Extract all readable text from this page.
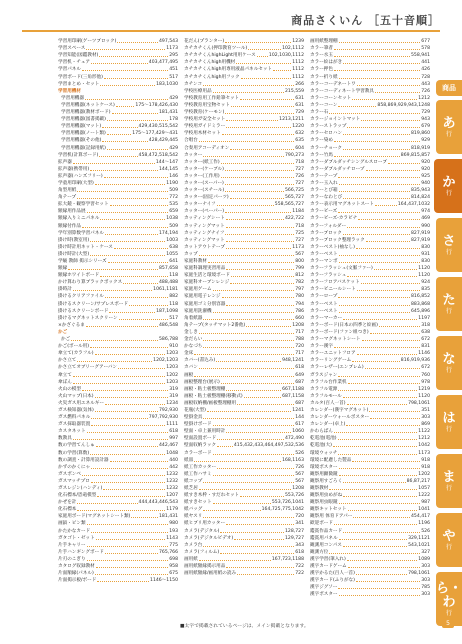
商品さくいん ［五十音順］
学習用印刷(ゲーツブロック)	497,543
学習スペース	1173
学習知能(図鑑教材)	295
学習机・チェア	403,477,495
学習パネル	451
学習ボード(三角形他)	517
学習まとめ・セット	183,1030
学習用機材
学習用機器	429
学習用機器(ネットケース)	175〜178,426,430
学習用機器(教材ボード)	181,431
学習用機器(図書掲載)	178
学習用機器(マット)	429,430,515,542
学習用機器(ノート類)	175〜177,429〜431
学習用機器(その他)	428,429,445
学習用機器(記録用紙)	429
学習机(計算ボード)	458,472,518,542
拡声器	144〜147
拡声器(携帯用)	144,145
拡声器(ハンズフリー)	146
学童用印刷(大型)	1190
角型用紙	509
角テープ	772
拡大鏡・観察学習セット	535
額縁用作品展	659
額縁入りミニパネル	1038
額縁付作品	509
学年別算数学習パネル	174,194
掛け時(教室用)	1003
掛け時計用ネット・ケース	638
掛け時計(大型)	1055
学級 教師 掲示シリーズ	641
額縁	857,658
額縁ホワイトボード	118
かけ算わり算ブラックボックス	488,488
掛時計	1061,1181
掛けるクリアファイル	882
掛けるスクリーン/サプレスボード	118
掛けるスクリーンボード	187,1098
掛けるマグネットスクリーン	517
×かざぐるま	486,548
かご
かご	586,788
かご(ボール用)	910
傘立て(カラフル)	1203
かさ立て	1202,1203
かさ立てオブリーグアーバン	1203
傘立て	1202
傘ぼん	1203
火山の模型	319
火山マップ(日本)	319
火災ガス用エネルギー	1234
ガス検知器(気体)	792,930
ガス燃料パネル	797,792,930
ガス採取器装置	1111
カスタネット	618
数教具	997
数の学習てんしゅ	442,467
数の学習(算数)	1048
数の調査・計算用設計器	440
かずのかくにゃ	442
ガスボンベ	1232
ガスマッチプロ	1232
ガスレジン(ハンディ)	1232
化石標本/恐竜模型	1207
かぜを計	444,443,446,543
化石標本	1179
家庭用ボード(マグネットシート類)	181,431
画鋲・ピン類	980
かたかなカード	193
ガタゴト・ゼット	1143
片手キャリー	775
片手ハンギングボード	765,766
片刃のこぎり	698
カタログ収録教材	958
片面額縁(パネル)	675
片面掲示板/ボード	1146〜1150
花だん(プランター)	1239
カチカチくん(押印教育ツール)	102,1112
カチカチくんhighLight用用ケース	102,1030,1112
カチカチくんhigh用機材	1112
カチカチくんhigh用専用液晶パネルセット	1112
カチカチくんhigh用フック	1112
カチンコ	266
学校医療用品	215,559
学校教育用工作鉛筆セット	631
学校教育用宝物セット	631
学校教育(ケーモン)	729
学校用ガ安全セット	1213,1211
学校用ガイドミラー	1220
学校用木材セット	632
合唱台	635
合奏用アコーディオン	604
カッター	790,273
カッター(紙工作)	718
カッター(ケーブル)	727
カッター(工作用)	726
カッター(スーパー)	727
カッター(スチール)	566,725
カッター(固定パーツ)	565,727
カッターナイフ	558,565,727
カッター(ペーパー)	1184
カッティングシート	422,722
カッティングマット	718
カッティングナイフ	725
カッティングマット	727
カットアウトテープ	1173
カップ	567
家庭科教材	800
家庭科調理実習用品	799
家庭生活と環境ボード	812
家庭科オーブンレンジ	782
家庭用ゲーム	797
家庭用電子レンジ	780
家庭用ゴミ分別容器	794
家庭用洗濯機	786
角着紙器	660
角テープ(タッチマット2番他)	1208
金しき	717
金だらい	788
かなづち	720
金床	717
カバー(書込み)	948,1241
カバン	618
画板	649
画板整理台(展示)	687
画板・粘土板整理棚	667,1188
画板・粘土板整理棚(移動式)	687,1158
画板収納棚/画板整理棚用	687
花瓶(大型)	1241
壁掛金具	144
壁掛けボード	617
壁面・卓上兼用時計	1060
壁面設置ボード	472,490
壁面収納ラック	415,432,433,464,497,532,536
カラーボード	526
紙皿	168,1163
紙工作カッター	726
紙工作ハサミ	567
紙コップ	567
紙芝居	1208
紙すき木枠・すだれセット	553,726
紙すきセット	553,726,1041
紙バッグ	164,725,775,1042
紙ヤスリ	720
紙ヒブリ用カッター	341
カメラ(デジタル)	128,727
カメラ(デジタルビデオ)	129,727
カメラ台	343
カメラ(フィルム)	618
画用紙	167,723,1188
画用紙額縁掲示用品	722
画用紙額縁/画用紙の読み	722
画用紙整理棚	677
カラー筆者	578
カラー水玉	558,941
カラー絵はがき	441
カラー押色	426
カラー折り紙	728
カラーコーデネートワ	443
カラーコーディネート学習教具	726
カラーコーンセット	1212
カラーコーン	858,869,929,943,1248
カラー石	729
カラージョイントマット	943
カラーストラップ	679
カラーセロハン	819,860
カラー染め	929
カラーチョーク	818,919
カラー竹馬	869,815,857
カラーダブルダッチシングルスローブ	920
カラーダブルダッチロープ	920
カラーテープ	925
カラー玉入れ	940
カラーとび箱	835,943
カラーなわとび	814,824
カラー表示用マグネットスート	164,437,1032
カラービーズ	974
カラービーズ-カラビナ	469
カラーフォルダー	990
カラーブロック	827,919
カラーブロック整理ラック	827,919
カラーベスト(袖なし)	830
カラーベスト	931
カラーマンボ	830
カラーフラッシュ(文脈ファー)	1120
カラーフラッシュ	1120
カラーフロアバスケット	924
カラービニールシート	835
カラーロープ	816,852
カラーベスト	883,868
カラーベスト	645,896
カラーマーカー	1197
カラーボード(日本の四季と絵画)	318
カラーボード(ファン組つき)	638
カラーマグネットシート	672
カラー漢字	831
カラーユニットフロア	1146
カラーリングゲーム	816,919,936
カラーレザー(エンブレム)	672
ガラスジャン	760
カラフル台作業机	978
カラフル電源	1219
カラフルモール	1120
カルタ(百人一首)	798,1061
カレンダー(漢字マグネット)	351
カレンダーウォールポスター	303
カレンダー(卓上)	869
かわらばん	1122
乾電池(電池)	1212
乾電池(大)	1042
環境ウォッチ	1173
環境に配慮した製品	918
環境ポスター	918
観察用顕微鏡	1202
観察用すごろく	86,87,217
観察教材	1057
観察用虫めがね	1222
観察用虫眼鏡	987
観察キットセット	1041
観察用 体育ドアパー	454,417
歓迎ボード	1196
鑑賞作品カード	526
鑑賞用パネル	329,1121
観測用コンパス	543,1021
観測方位	327
漢字学習(筆入れ)	1089
漢字カードゲーム	303
漢字かるた(百人一首)	798,1061
漢字カード(ふりがな)	303
漢字ジグソー	785
漢字ポスター	303
商品
あ
行
か
行
さ
行
た
行
な
行
は
行
ま
行
や
行
ら・わ
行
■太字で掲載されているページは、メイン掲載となります。	5
